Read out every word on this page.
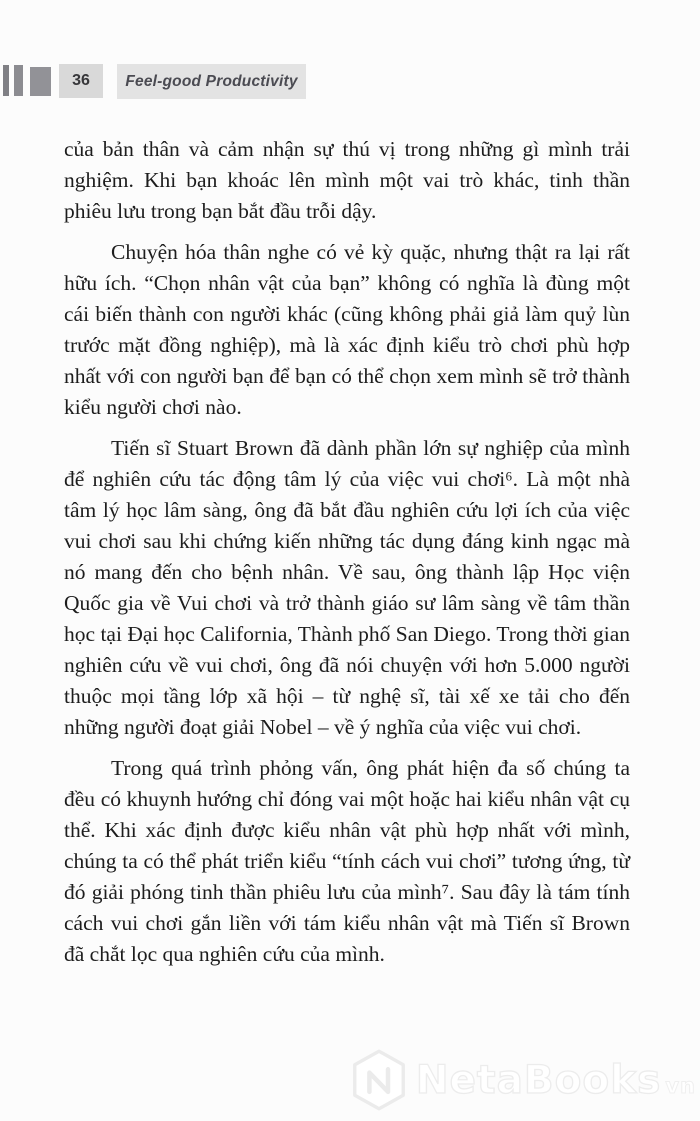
36 Feel-good Productivity

của bản thân và cảm nhận sự thú vị trong những gì mình trải nghiệm. Khi bạn khoác lên mình một vai trò khác, tinh thần phiêu lưu trong bạn bắt đầu trỗi dậy.

Chuyện hóa thân nghe có vẻ kỳ quặc, nhưng thật ra lại rất hữu ích. “Chọn nhân vật của bạn” không có nghĩa là đùng một cái biến thành con người khác (cũng không phải giả làm quỷ lùn trước mặt đồng nghiệp), mà là xác định kiểu trò chơi phù hợp nhất với con người bạn để bạn có thể chọn xem mình sẽ trở thành kiểu người chơi nào.

Tiến sĩ Stuart Brown đã dành phần lớn sự nghiệp của mình để nghiên cứu tác động tâm lý của việc vui chơi⁶. Là một nhà tâm lý học lâm sàng, ông đã bắt đầu nghiên cứu lợi ích của việc vui chơi sau khi chứng kiến những tác dụng đáng kinh ngạc mà nó mang đến cho bệnh nhân. Về sau, ông thành lập Học viện Quốc gia về Vui chơi và trở thành giáo sư lâm sàng về tâm thần học tại Đại học California, Thành phố San Diego. Trong thời gian nghiên cứu về vui chơi, ông đã nói chuyện với hơn 5.000 người thuộc mọi tầng lớp xã hội – từ nghệ sĩ, tài xế xe tải cho đến những người đoạt giải Nobel – về ý nghĩa của việc vui chơi.

Trong quá trình phỏng vấn, ông phát hiện đa số chúng ta đều có khuynh hướng chỉ đóng vai một hoặc hai kiểu nhân vật cụ thể. Khi xác định được kiểu nhân vật phù hợp nhất với mình, chúng ta có thể phát triển kiểu “tính cách vui chơi” tương ứng, từ đó giải phóng tinh thần phiêu lưu của mình⁷. Sau đây là tám tính cách vui chơi gắn liền với tám kiểu nhân vật mà Tiến sĩ Brown đã chắt lọc qua nghiên cứu của mình.

NetaBooks vn
